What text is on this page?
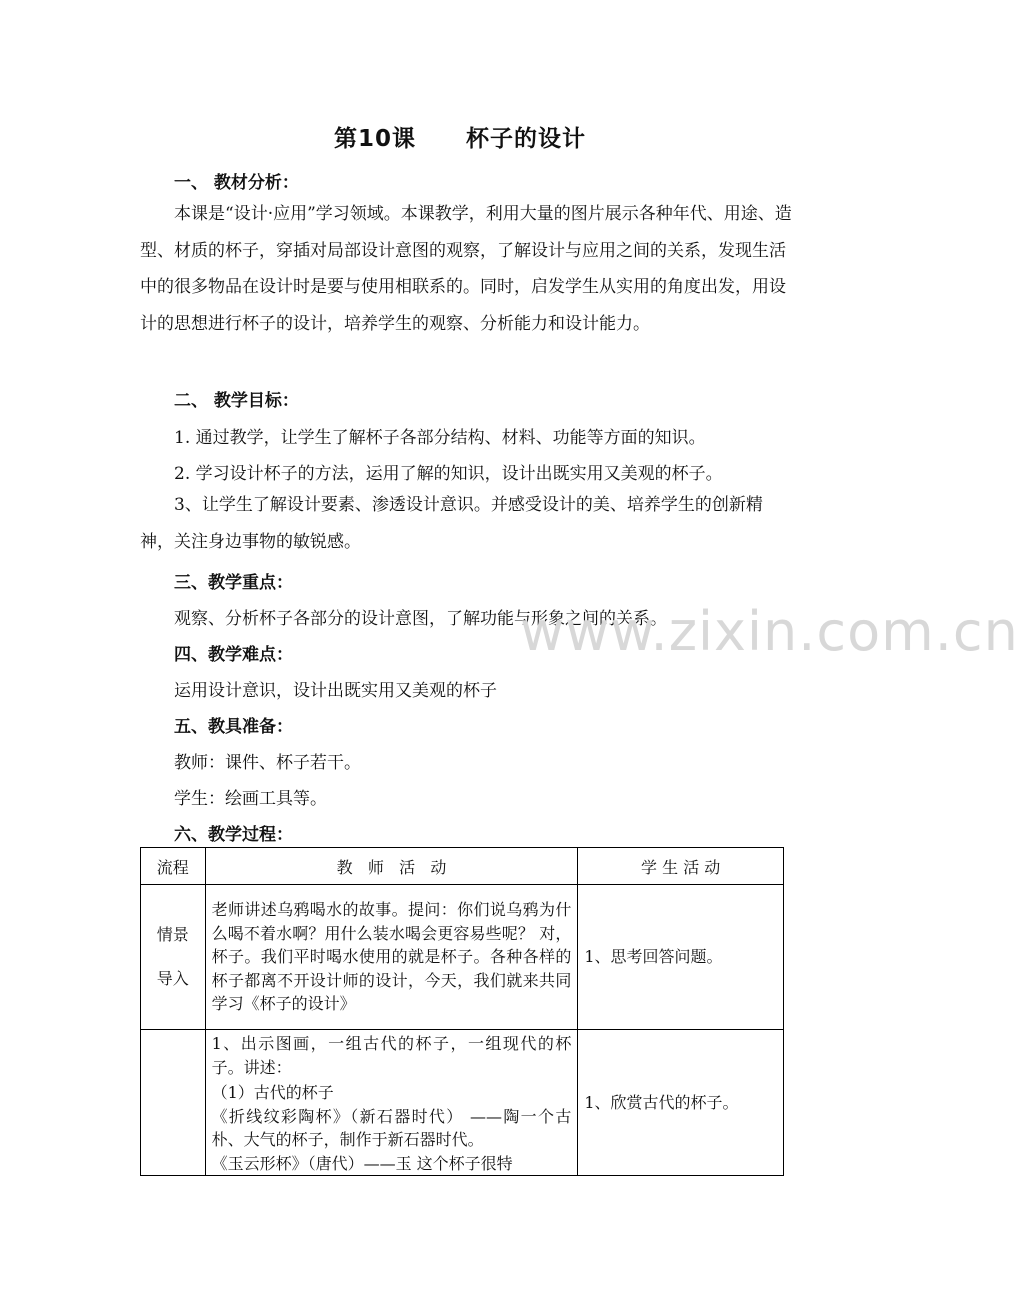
第10课 杯子的设计
一、 教材分析：
本课是“设计·应用”学习领域。本课教学，利用大量的图片展示各种年代、用途、造型、材质的杯子，穿插对局部设计意图的观察，了解设计与应用之间的关系，发现生活中的很多物品在设计时是要与使用相联系的。同时，启发学生从实用的角度出发，用设计的思想进行杯子的设计，培养学生的观察、分析能力和设计能力。
二、 教学目标：
1. 通过教学，让学生了解杯子各部分结构、材料、功能等方面的知识。
2. 学习设计杯子的方法，运用了解的知识，设计出既实用又美观的杯子。
3、让学生了解设计要素、渗透设计意识。并感受设计的美、培养学生的创新精神，关注身边事物的敏锐感。
三、教学重点：
观察、分析杯子各部分的设计意图，了解功能与形象之间的关系。
www.zixin.com.cn
四、教学难点：
运用设计意识，设计出既实用又美观的杯子
五、教具准备：
教师：课件、杯子若干。
学生：绘画工具等。
六、教学过程：
流程	教   师   活   动	学 生 活 动

情景
导入	老师讲述乌鸦喝水的故事。提问：你们说乌鸦为什么喝不着水啊？用什么装水喝会更容易些呢？ 对，杯子。我们平时喝水使用的就是杯子。各种各样的杯子都离不开设计师的设计，今天，我们就来共同学习《杯子的设计》	1、思考回答问题。

	1、出示图画，一组古代的杯子，一组现代的杯子。讲述：
（1）古代的杯子
《折线纹彩陶杯》（新石器时代） ——陶一个古朴、大气的杯子，制作于新石器时代。
《玉云形杯》（唐代）——玉 这个杯子很特	1、欣赏古代的杯子。
